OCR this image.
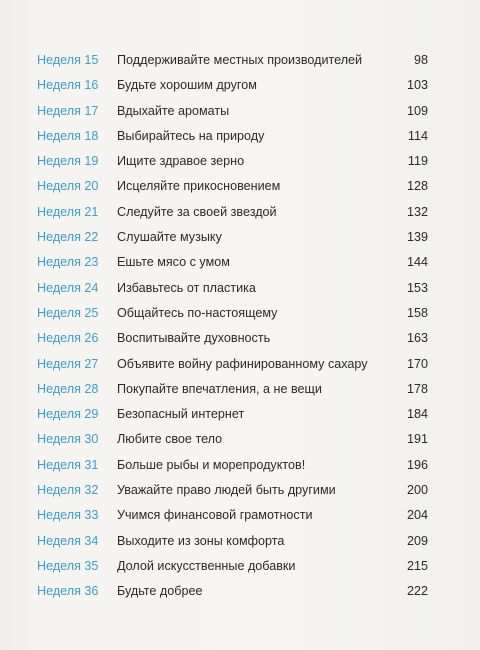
Неделя 15 Поддерживайте местных производителей	98
Неделя 16 Будьте хорошим другом	103
Неделя 17 Вдыхайте ароматы	109
Неделя 18 Выбирайтесь на природу	114
Неделя 19 Ищите здравое зерно	119
Неделя 20 Исцеляйте прикосновением	128
Неделя 21 Следуйте за своей звездой	132
Неделя 22 Слушайте музыку	139
Неделя 23 Ешьте мясо с умом	144
Неделя 24 Избавьтесь от пластика	153
Неделя 25 Общайтесь по-настоящему	158
Неделя 26 Воспитывайте духовность	163
Неделя 27 Объявите войну рафинированному сахару	170
Неделя 28 Покупайте впечатления, а не вещи	178
Неделя 29 Безопасный интернет	184
Неделя 30 Любите свое тело	191
Неделя 31 Больше рыбы и морепродуктов!	196
Неделя 32 Уважайте право людей быть другими	200
Неделя 33 Учимся финансовой грамотности	204
Неделя 34 Выходите из зоны комфорта	209
Неделя 35 Долой искусственные добавки	215
Неделя 36 Будьте добрее	222
